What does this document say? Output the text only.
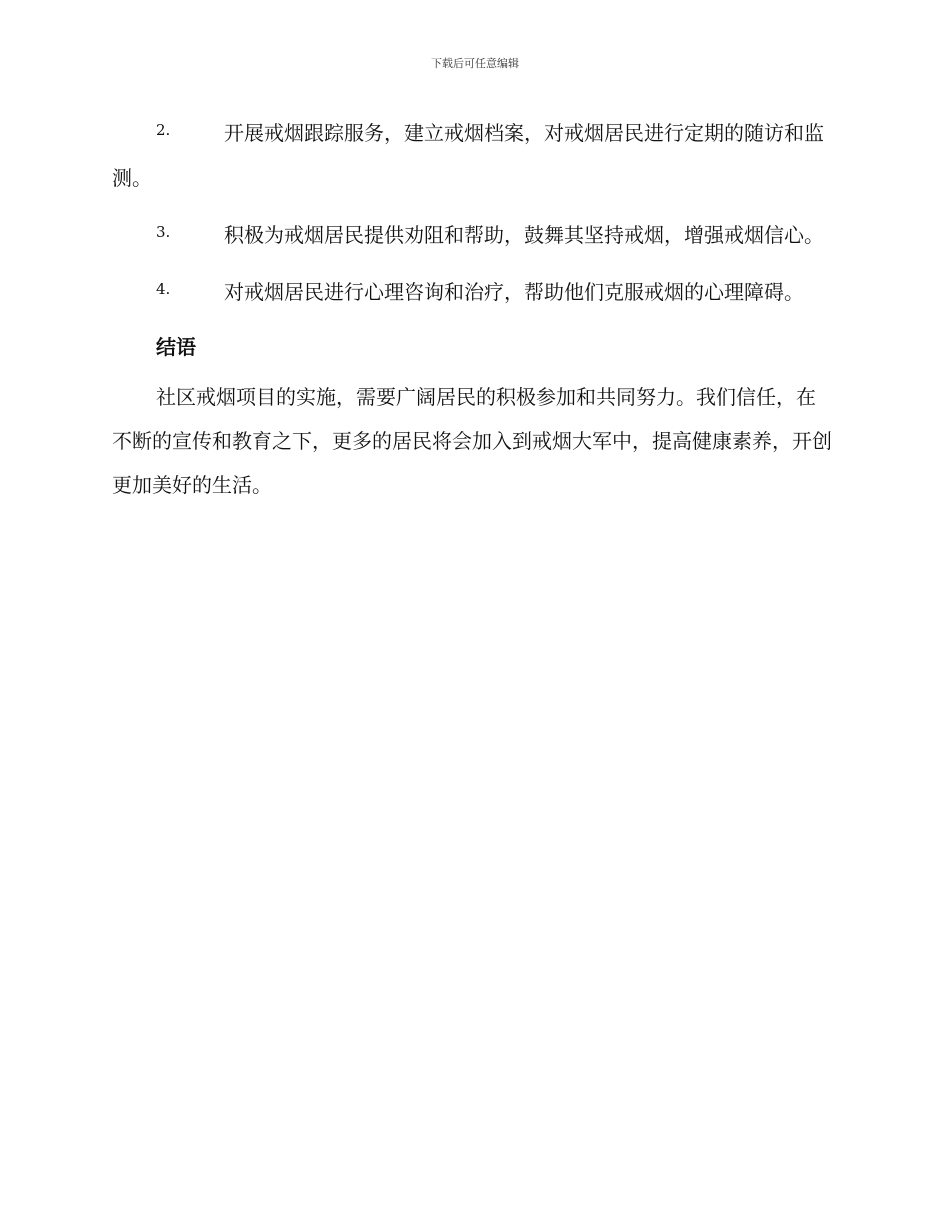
下载后可任意编辑
2.	开展戒烟跟踪服务，建立戒烟档案，对戒烟居民进行定期的随访和监测。
3.	积极为戒烟居民提供劝阻和帮助，鼓舞其坚持戒烟，增强戒烟信心。
4.	对戒烟居民进行心理咨询和治疗，帮助他们克服戒烟的心理障碍。
结语

社区戒烟项目的实施，需要广阔居民的积极参加和共同努力。我们信任，在不断的宣传和教育之下，更多的居民将会加入到戒烟大军中，提高健康素养，开创更加美好的生活。
